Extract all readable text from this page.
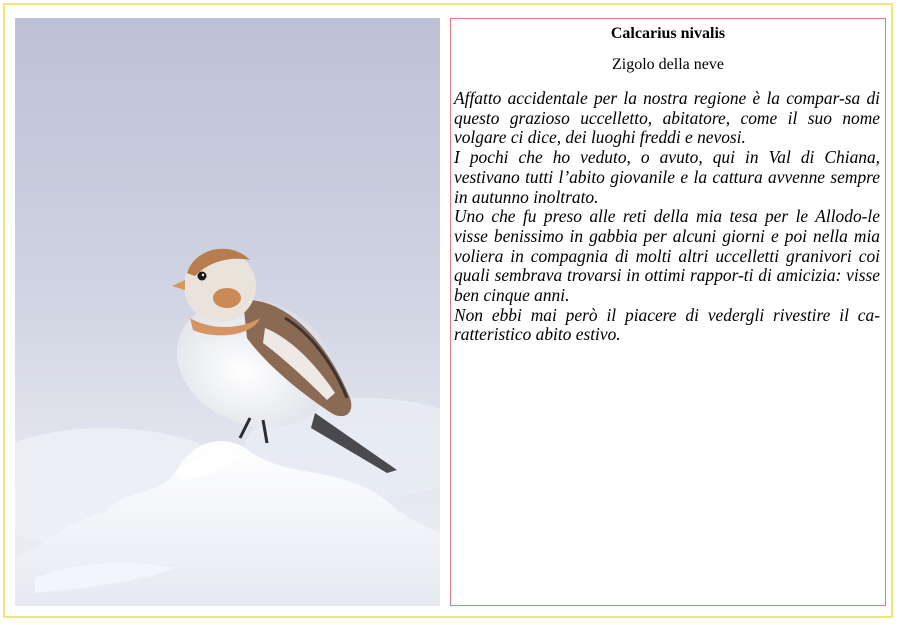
Calcarius nivalis
Zigolo della neve

Affatto accidentale per la nostra regione è la compar-sa di questo grazioso uccelletto, abitatore, come il suo nome volgare ci dice, dei luoghi freddi e nevosi.

I pochi che ho veduto, o avuto, qui in Val di Chiana, vestivano tutti l’abito giovanile e la cattura avvenne sempre in autunno inoltrato.

Uno che fu preso alle reti della mia tesa per le Allodo-le visse benissimo in gabbia per alcuni giorni e poi nella mia voliera in compagnia di molti altri uccelletti granivori coi quali sembrava trovarsi in ottimi rappor-ti di amicizia: visse ben cinque anni.

Non ebbi mai però il piacere di vedergli rivestire il ca-ratteristico abito estivo.
